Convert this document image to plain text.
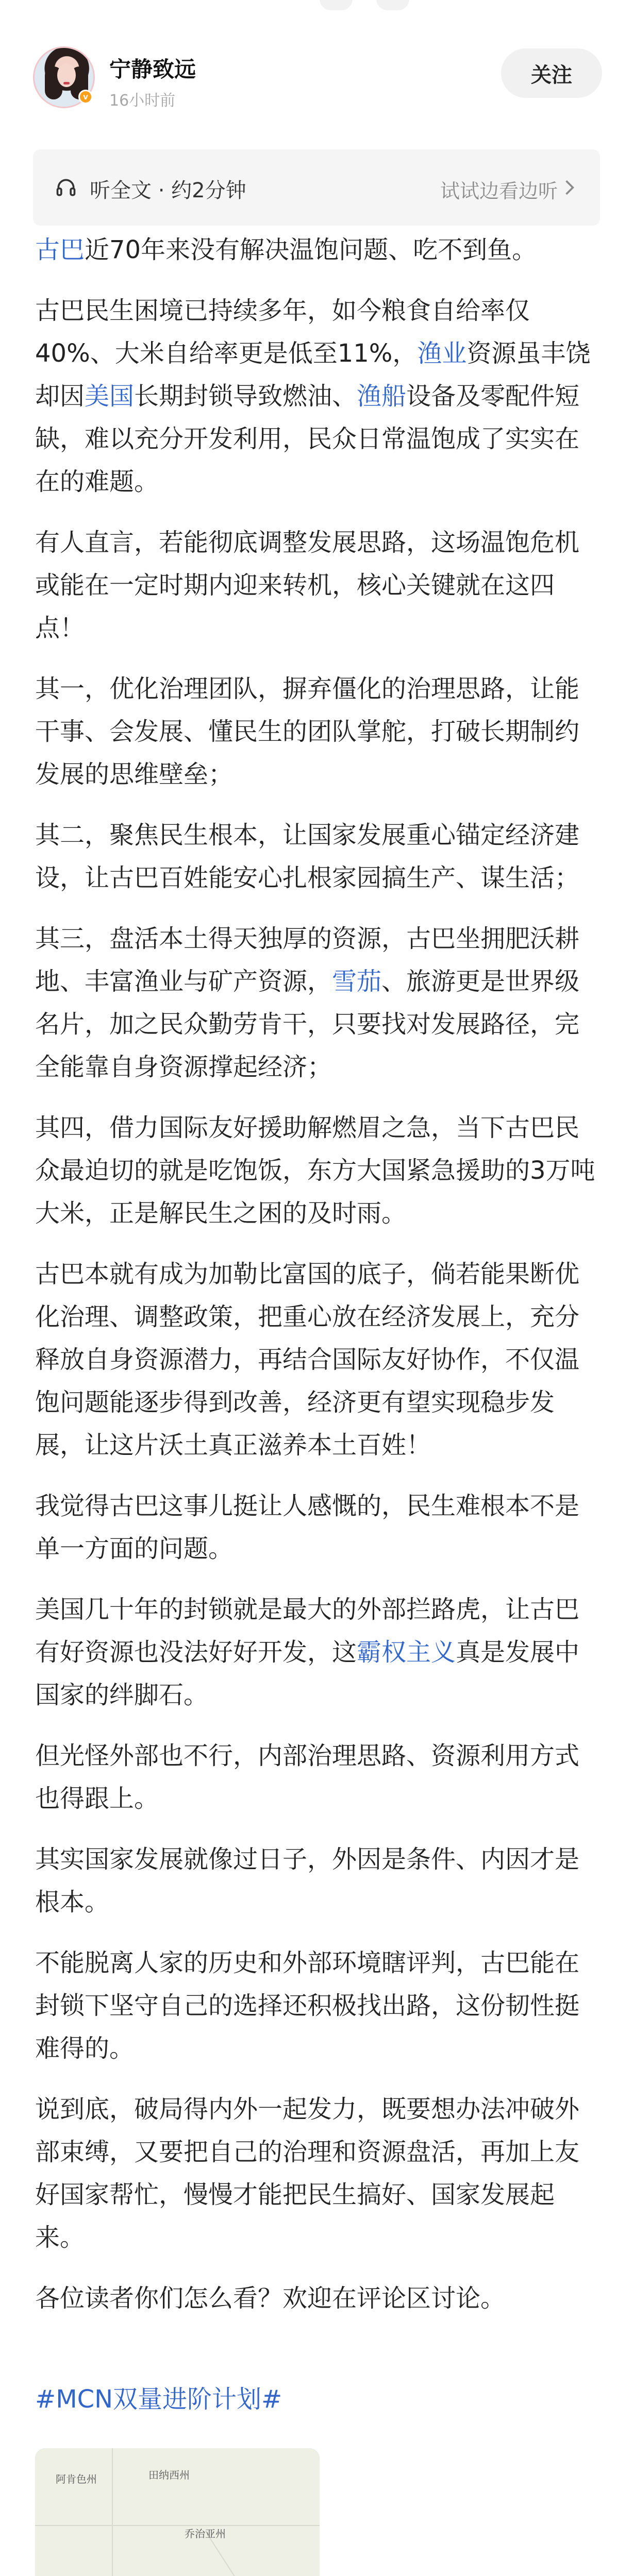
v
宁静致远
16小时前
关注
听全文 · 约2分钟	试试边看边听

古巴近70年来没有解决温饱问题、吃不到鱼。

古巴民生困境已持续多年，如今粮食自给率仅40%、大米自给率更是低至11%，渔业资源虽丰饶却因美国长期封锁导致燃油、渔船设备及零配件短缺，难以充分开发利用，民众日常温饱成了实实在在的难题。

有人直言，若能彻底调整发展思路，这场温饱危机或能在一定时期内迎来转机，核心关键就在这四点！

其一，优化治理团队，摒弃僵化的治理思路，让能干事、会发展、懂民生的团队掌舵，打破长期制约发展的思维壁垒；

其二，聚焦民生根本，让国家发展重心锚定经济建设，让古巴百姓能安心扎根家园搞生产、谋生活；

其三，盘活本土得天独厚的资源，古巴坐拥肥沃耕地、丰富渔业与矿产资源，雪茄、旅游更是世界级名片，加之民众勤劳肯干，只要找对发展路径，完全能靠自身资源撑起经济；

其四，借力国际友好援助解燃眉之急，当下古巴民众最迫切的就是吃饱饭，东方大国紧急援助的3万吨大米，正是解民生之困的及时雨。

古巴本就有成为加勒比富国的底子，倘若能果断优化治理、调整政策，把重心放在经济发展上，充分释放自身资源潜力，再结合国际友好协作，不仅温饱问题能逐步得到改善，经济更有望实现稳步发展，让这片沃土真正滋养本土百姓！

我觉得古巴这事儿挺让人感慨的，民生难根本不是单一方面的问题。

美国几十年的封锁就是最大的外部拦路虎，让古巴有好资源也没法好好开发，这霸权主义真是发展中国家的绊脚石。

但光怪外部也不行，内部治理思路、资源利用方式也得跟上。

其实国家发展就像过日子，外因是条件、内因才是根本。

不能脱离人家的历史和外部环境瞎评判，古巴能在封锁下坚守自己的选择还积极找出路，这份韧性挺难得的。

说到底，破局得内外一起发力，既要想办法冲破外部束缚，又要把自己的治理和资源盘活，再加上友好国家帮忙，慢慢才能把民生搞好、国家发展起来。

各位读者你们怎么看？欢迎在评论区讨论。

#MCN双量进阶计划#
阿肯色州	田纳西州
乔治亚州
